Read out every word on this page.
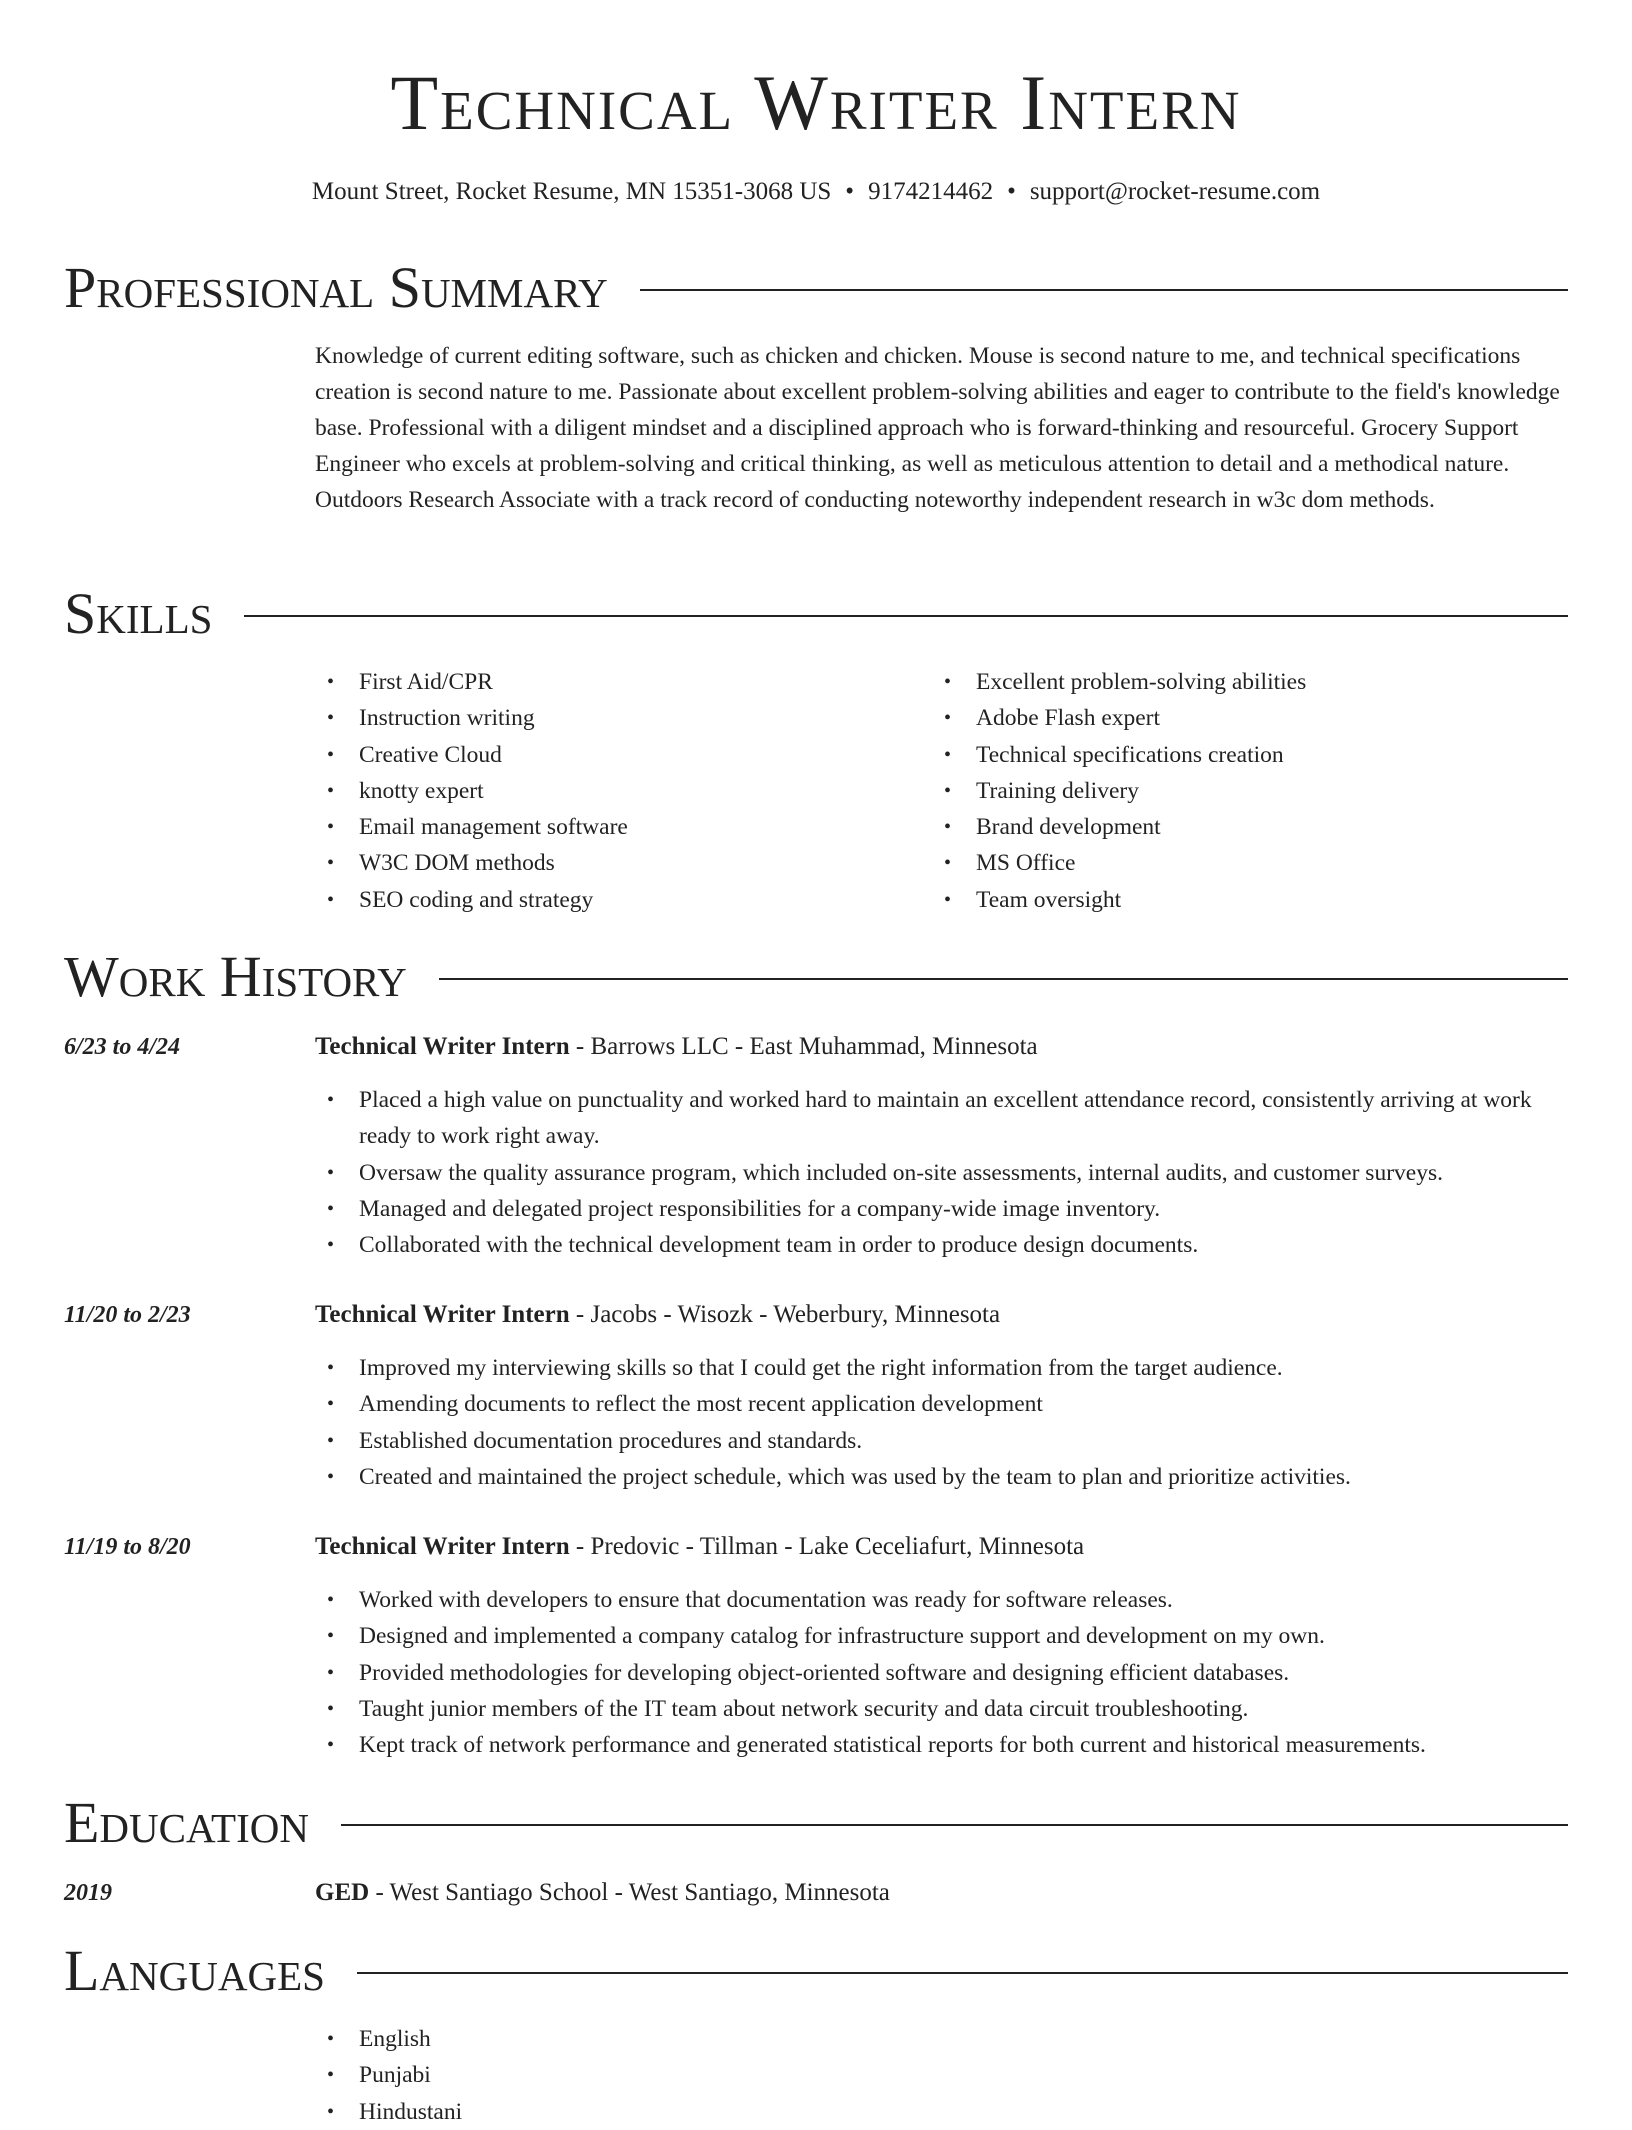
Technical Writer Intern
Mount Street, Rocket Resume, MN 15351-3068 US • 9174214462 • support@rocket-resume.com
Professional Summary
Knowledge of current editing software, such as chicken and chicken. Mouse is second nature to me, and technical specifications creation is second nature to me. Passionate about excellent problem-solving abilities and eager to contribute to the field's knowledge base. Professional with a diligent mindset and a disciplined approach who is forward-thinking and resourceful. Grocery Support Engineer who excels at problem-solving and critical thinking, as well as meticulous attention to detail and a methodical nature. Outdoors Research Associate with a track record of conducting noteworthy independent research in w3c dom methods.
Skills
• First Aid/CPR
• Instruction writing
• Creative Cloud
• knotty expert
• Email management software
• W3C DOM methods
• SEO coding and strategy
• Excellent problem-solving abilities
• Adobe Flash expert
• Technical specifications creation
• Training delivery
• Brand development
• MS Office
• Team oversight
Work History
6/23 to 4/24	Technical Writer Intern - Barrows LLC - East Muhammad, Minnesota
• Placed a high value on punctuality and worked hard to maintain an excellent attendance record, consistently arriving at work ready to work right away.
• Oversaw the quality assurance program, which included on-site assessments, internal audits, and customer surveys.
• Managed and delegated project responsibilities for a company-wide image inventory.
• Collaborated with the technical development team in order to produce design documents.
11/20 to 2/23	Technical Writer Intern - Jacobs - Wisozk - Weberbury, Minnesota
• Improved my interviewing skills so that I could get the right information from the target audience.
• Amending documents to reflect the most recent application development
• Established documentation procedures and standards.
• Created and maintained the project schedule, which was used by the team to plan and prioritize activities.
11/19 to 8/20	Technical Writer Intern - Predovic - Tillman - Lake Ceceliafurt, Minnesota
• Worked with developers to ensure that documentation was ready for software releases.
• Designed and implemented a company catalog for infrastructure support and development on my own.
• Provided methodologies for developing object-oriented software and designing efficient databases.
• Taught junior members of the IT team about network security and data circuit troubleshooting.
• Kept track of network performance and generated statistical reports for both current and historical measurements.
Education
2019	GED - West Santiago School - West Santiago, Minnesota
Languages
• English
• Punjabi
• Hindustani
